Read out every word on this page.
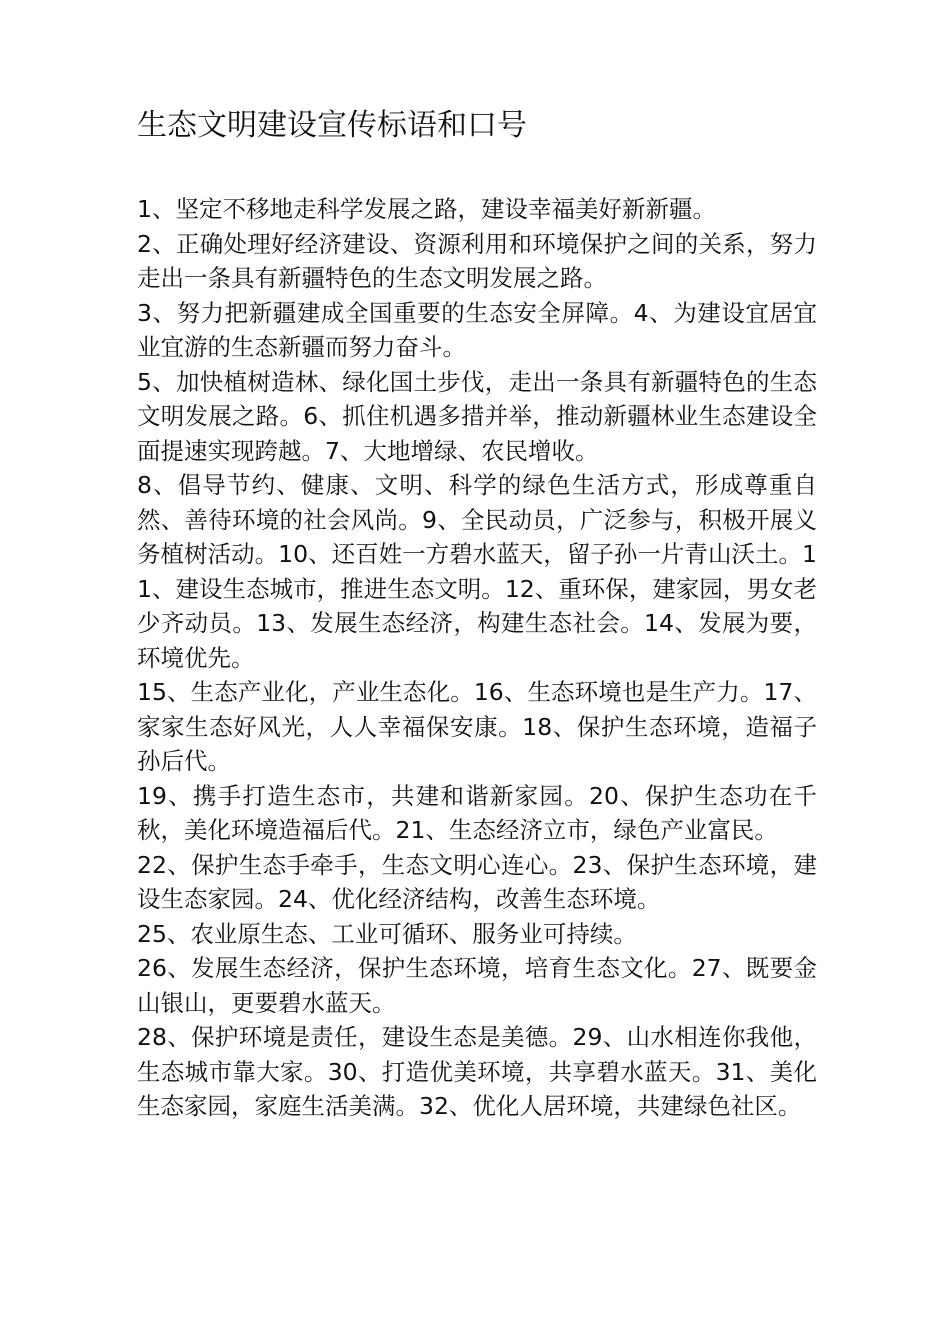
生态文明建设宣传标语和口号

1、坚定不移地走科学发展之路，建设幸福美好新新疆。

2、正确处理好经济建设、资源利用和环境保护之间的关系，努力走出一条具有新疆特色的生态文明发展之路。

3、努力把新疆建成全国重要的生态安全屏障。4、为建设宜居宜业宜游的生态新疆而努力奋斗。

5、加快植树造林、绿化国土步伐，走出一条具有新疆特色的生态文明发展之路。6、抓住机遇多措并举，推动新疆林业生态建设全面提速实现跨越。7、大地增绿、农民增收。

8、倡导节约、健康、文明、科学的绿色生活方式，形成尊重自然、善待环境的社会风尚。9、全民动员，广泛参与，积极开展义务植树活动。10、还百姓一方碧水蓝天，留子孙一片青山沃土。11、建设生态城市，推进生态文明。12、重环保，建家园，男女老少齐动员。13、发展生态经济，构建生态社会。14、发展为要，环境优先。

15、生态产业化，产业生态化。16、生态环境也是生产力。17、家家生态好风光，人人幸福保安康。18、保护生态环境，造福子孙后代。

19、携手打造生态市，共建和谐新家园。20、保护生态功在千秋，美化环境造福后代。21、生态经济立市，绿色产业富民。

22、保护生态手牵手，生态文明心连心。23、保护生态环境，建设生态家园。24、优化经济结构，改善生态环境。

25、农业原生态、工业可循环、服务业可持续。

26、发展生态经济，保护生态环境，培育生态文化。27、既要金山银山，更要碧水蓝天。

28、保护环境是责任，建设生态是美德。29、山水相连你我他，生态城市靠大家。30、打造优美环境，共享碧水蓝天。31、美化生态家园，家庭生活美满。32、优化人居环境，共建绿色社区。
